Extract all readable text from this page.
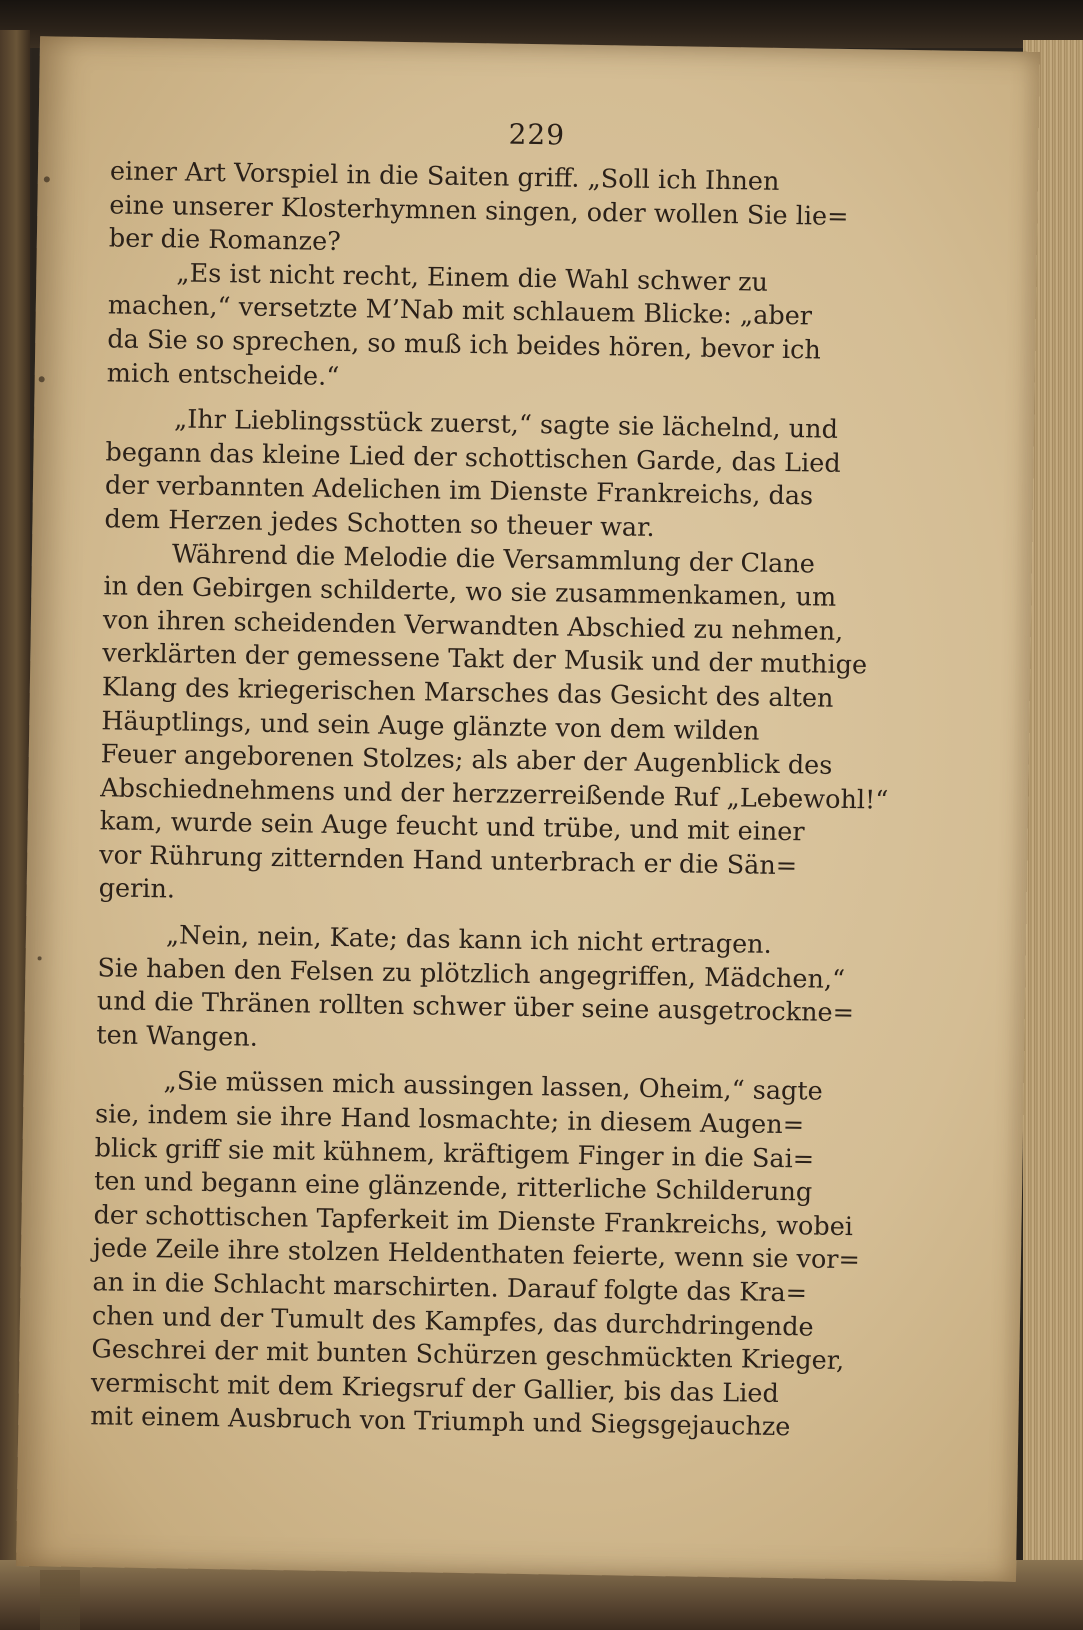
229

einer Art Vorspiel in die Saiten griff. „Soll ich Ihnen
eine unserer Klosterhymnen singen, oder wollen Sie lie=
ber die Romanze?

„Es ist nicht recht, Einem die Wahl schwer zu
machen,“ versetzte M’Nab mit schlauem Blicke: „aber
da Sie so sprechen, so muß ich beides hören, bevor ich
mich entscheide.“

„Ihr Lieblingsstück zuerst,“ sagte sie lächelnd, und
begann das kleine Lied der schottischen Garde, das Lied
der verbannten Adelichen im Dienste Frankreichs, das
dem Herzen jedes Schotten so theuer war.

Während die Melodie die Versammlung der Clane
in den Gebirgen schilderte, wo sie zusammenkamen, um
von ihren scheidenden Verwandten Abschied zu nehmen,
verklärten der gemessene Takt der Musik und der muthige
Klang des kriegerischen Marsches das Gesicht des alten
Häuptlings, und sein Auge glänzte von dem wilden
Feuer angeborenen Stolzes; als aber der Augenblick des
Abschiednehmens und der herzzerreißende Ruf „Lebewohl!“
kam, wurde sein Auge feucht und trübe, und mit einer
vor Rührung zitternden Hand unterbrach er die Sän=
gerin.

„Nein, nein, Kate; das kann ich nicht ertragen.
Sie haben den Felsen zu plötzlich angegriffen, Mädchen,“
und die Thränen rollten schwer über seine ausgetrockne=
ten Wangen.

„Sie müssen mich aussingen lassen, Oheim,“ sagte
sie, indem sie ihre Hand losmachte; in diesem Augen=
blick griff sie mit kühnem, kräftigem Finger in die Sai=
ten und begann eine glänzende, ritterliche Schilderung
der schottischen Tapferkeit im Dienste Frankreichs, wobei
jede Zeile ihre stolzen Heldenthaten feierte, wenn sie vor=
an in die Schlacht marschirten. Darauf folgte das Kra=
chen und der Tumult des Kampfes, das durchdringende
Geschrei der mit bunten Schürzen geschmückten Krieger,
vermischt mit dem Kriegsruf der Gallier, bis das Lied
mit einem Ausbruch von Triumph und Siegsgejauchze
